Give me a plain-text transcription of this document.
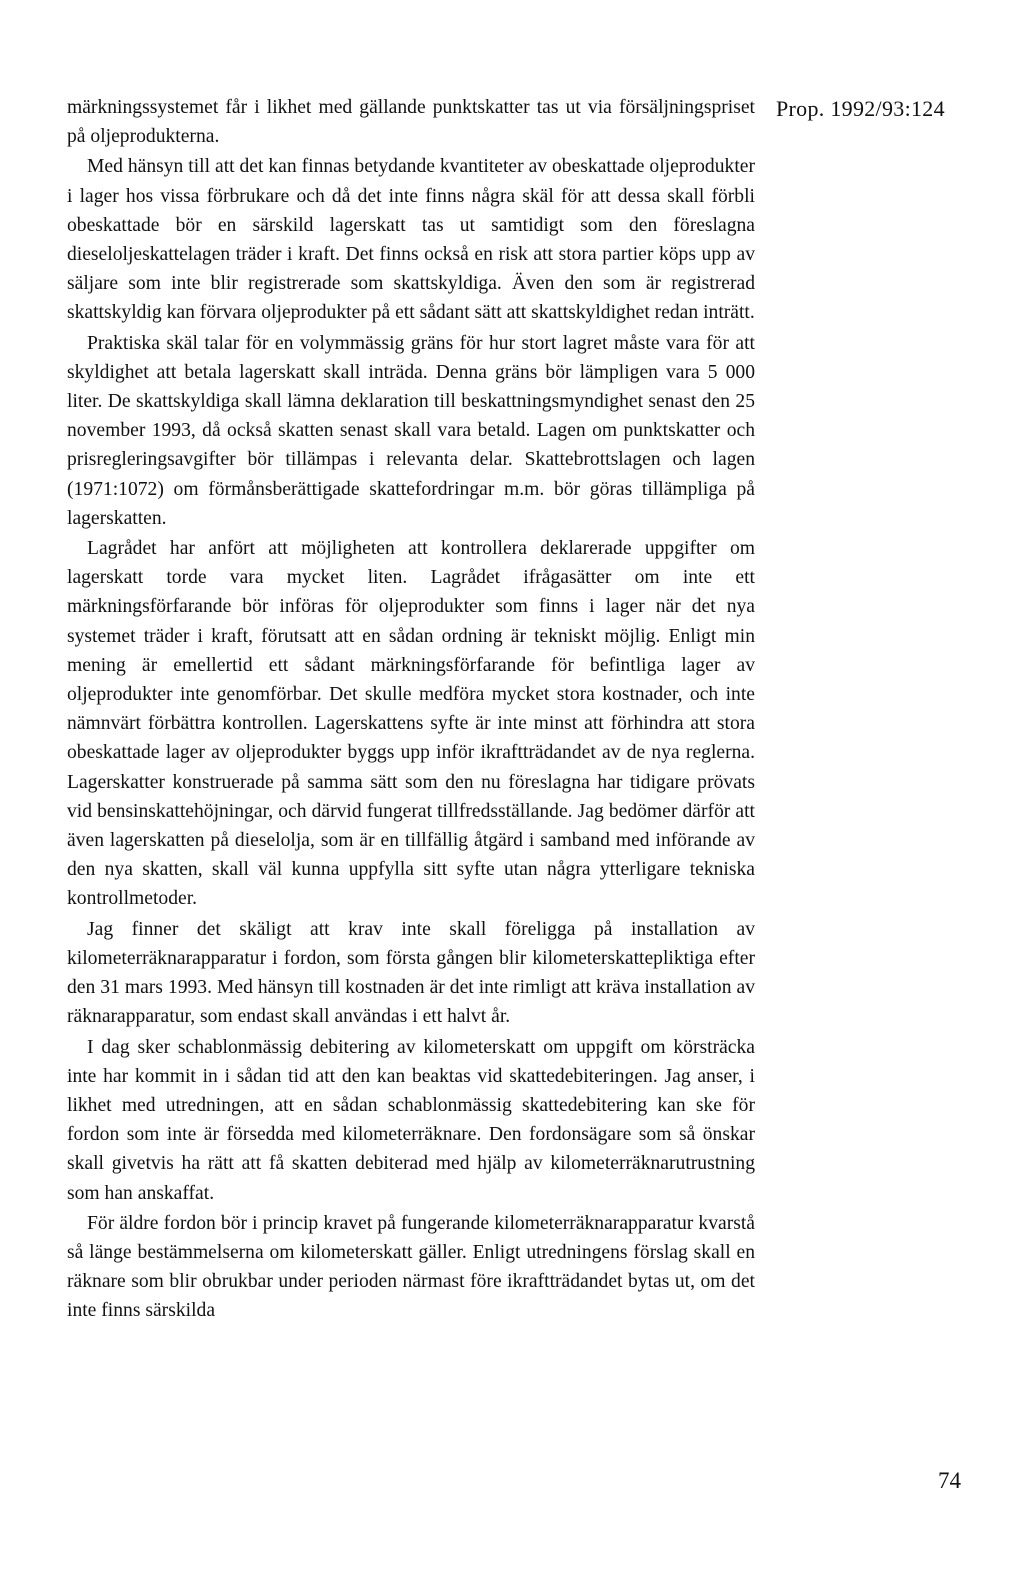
Prop. 1992/93:124

märkningssystemet får i likhet med gällande punktskatter tas ut via försäljningspriset på oljeprodukterna.

Med hänsyn till att det kan finnas betydande kvantiteter av obeskattade oljeprodukter i lager hos vissa förbrukare och då det inte finns några skäl för att dessa skall förbli obeskattade bör en särskild lagerskatt tas ut samtidigt som den föreslagna dieseloljeskattelagen träder i kraft. Det finns också en risk att stora partier köps upp av säljare som inte blir registrerade som skattskyldiga. Även den som är registrerad skattskyldig kan förvara oljeprodukter på ett sådant sätt att skattskyldighet redan inträtt.

Praktiska skäl talar för en volymmässig gräns för hur stort lagret måste vara för att skyldighet att betala lagerskatt skall inträda. Denna gräns bör lämpligen vara 5 000 liter. De skattskyldiga skall lämna deklaration till beskattningsmyndighet senast den 25 november 1993, då också skatten senast skall vara betald. Lagen om punktskatter och prisregleringsavgifter bör tillämpas i relevanta delar. Skattebrottslagen och lagen (1971:1072) om förmånsberättigade skattefordringar m.m. bör göras tillämpliga på lagerskatten.

Lagrådet har anfört att möjligheten att kontrollera deklarerade uppgifter om lagerskatt torde vara mycket liten. Lagrådet ifrågasätter om inte ett märkningsförfarande bör införas för oljeprodukter som finns i lager när det nya systemet träder i kraft, förutsatt att en sådan ordning är tekniskt möjlig. Enligt min mening är emellertid ett sådant märkningsförfarande för befintliga lager av oljeprodukter inte genomförbar. Det skulle medföra mycket stora kostnader, och inte nämnvärt förbättra kontrollen. Lagerskattens syfte är inte minst att förhindra att stora obeskattade lager av oljeprodukter byggs upp inför ikraftträdandet av de nya reglerna. Lagerskatter konstruerade på samma sätt som den nu föreslagna har tidigare prövats vid bensinskattehöjningar, och därvid fungerat tillfredsställande. Jag bedömer därför att även lagerskatten på dieselolja, som är en tillfällig åtgärd i samband med införande av den nya skatten, skall väl kunna uppfylla sitt syfte utan några ytterligare tekniska kontrollmetoder.

Jag finner det skäligt att krav inte skall föreligga på installation av kilometerräknarapparatur i fordon, som första gången blir kilometerskattepliktiga efter den 31 mars 1993. Med hänsyn till kostnaden är det inte rimligt att kräva installation av räknarapparatur, som endast skall användas i ett halvt år.

I dag sker schablonmässig debitering av kilometerskatt om uppgift om körsträcka inte har kommit in i sådan tid att den kan beaktas vid skattedebiteringen. Jag anser, i likhet med utredningen, att en sådan schablonmässig skattedebitering kan ske för fordon som inte är försedda med kilometerräknare. Den fordonsägare som så önskar skall givetvis ha rätt att få skatten debiterad med hjälp av kilometerräknarutrustning som han anskaffat.

För äldre fordon bör i princip kravet på fungerande kilometerräknarapparatur kvarstå så länge bestämmelserna om kilometerskatt gäller. Enligt utredningens förslag skall en räknare som blir obrukbar under perioden närmast före ikraftträdandet bytas ut, om det inte finns särskilda

74
